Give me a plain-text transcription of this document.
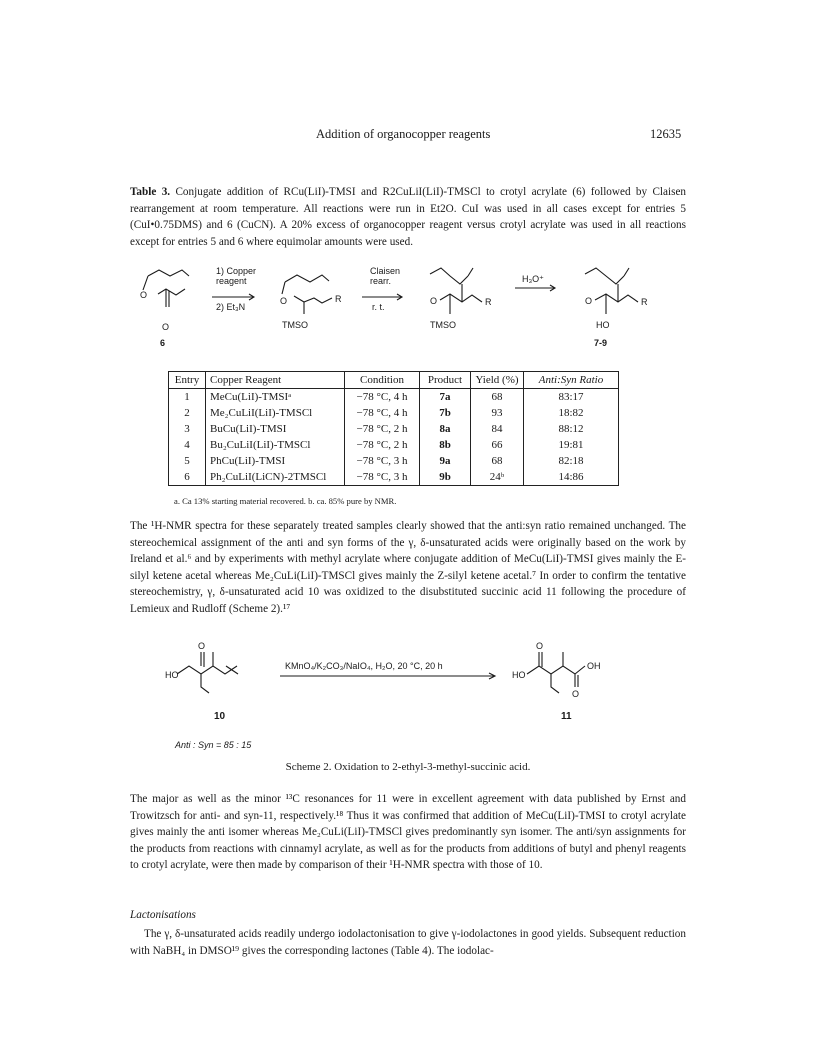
Addition of organocopper reagents	12635
Table 3. Conjugate addition of RCu(LiI)-TMSI and R2CuLiI(LiI)-TMSCl to crotyl acrylate (6) followed by Claisen rearrangement at room temperature. All reactions were run in Et2O. CuI was used in all cases except for entries 5 (CuI•0.75DMS) and 6 (CuCN). A 20% excess of organocopper reagent versus crotyl acrylate was used in all reactions except for entries 5 and 6 where equimolar amounts were used.
O
O
6
1) Copper
reagent
2) Et₃N
O	R
TMSO
Claisen
rearr.
r. t.
O	R
TMSO
H₃O⁺
O	R
HO
7-9
Entry	Copper Reagent	Condition	Product	Yield (%)	Anti:Syn Ratio
1	MeCu(LiI)-TMSIᵃ	−78 °C, 4 h	7a	68	83:17
2	Me₂CuLiI(LiI)-TMSCl	−78 °C, 4 h	7b	93	18:82
3	BuCu(LiI)-TMSI	−78 °C, 2 h	8a	84	88:12
4	Bu₂CuLiI(LiI)-TMSCl	−78 °C, 2 h	8b	66	19:81
5	PhCu(LiI)-TMSI	−78 °C, 3 h	9a	68	82:18
6	Ph₂CuLiI(LiCN)-2TMSCl	−78 °C, 3 h	9b	24ᵇ	14:86
a. Ca 13% starting material recovered. b. ca. 85% pure by NMR.
The ¹H-NMR spectra for these separately treated samples clearly showed that the anti:syn ratio remained unchanged. The stereochemical assignment of the anti and syn forms of the γ, δ-unsaturated acids were originally based on the work by Ireland et al.⁶ and by experiments with methyl acrylate where conjugate addition of MeCu(LiI)-TMSI gives mainly the E-silyl ketene acetal whereas Me₂CuLi(LiI)-TMSCl gives mainly the Z-silyl ketene acetal.⁷ In order to confirm the tentative stereochemistry, γ, δ-unsaturated acid 10 was oxidized to the disubstituted succinic acid 11 following the procedure of Lemieux and Rudloff (Scheme 2).¹⁷
O
HO
10
Anti : Syn = 85 : 15
KMnO₄/K₂CO₃/NaIO₄, H₂O, 20 °C, 20 h
O
HO
OH
O
11
Scheme 2. Oxidation to 2-ethyl-3-methyl-succinic acid.
The major as well as the minor ¹³C resonances for 11 were in excellent agreement with data published by Ernst and Trowitzsch for anti- and syn-11, respectively.¹⁸ Thus it was confirmed that addition of MeCu(LiI)-TMSI to crotyl acrylate gives mainly the anti isomer whereas Me₂CuLi(LiI)-TMSCl gives predominantly syn isomer. The anti/syn assignments for the products from reactions with cinnamyl acrylate, as well as for the products from additions of butyl and phenyl reagents to crotyl acrylate, were then made by comparison of their ¹H-NMR spectra with those of 10.
Lactonisations
The γ, δ-unsaturated acids readily undergo iodolactonisation to give γ-iodolactones in good yields. Subsequent reduction with NaBH₄ in DMSO¹⁹ gives the corresponding lactones (Table 4). The iodolac-
